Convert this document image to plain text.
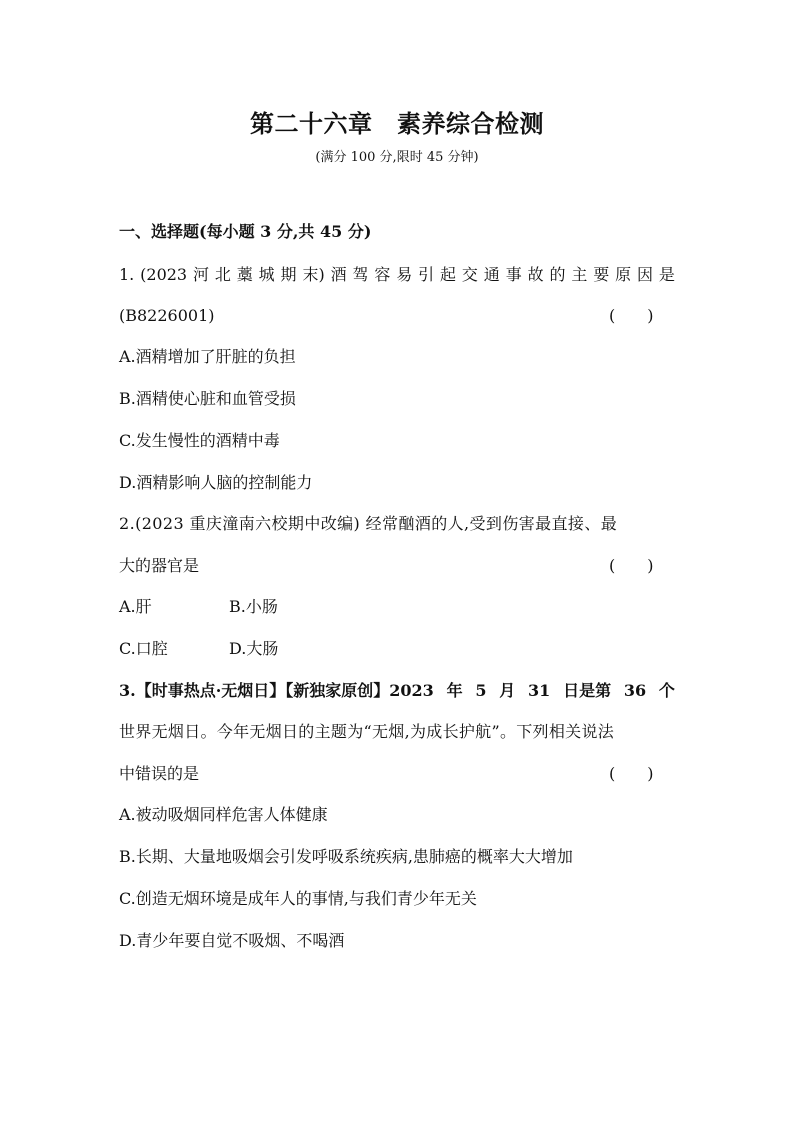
第二十六章　素养综合检测
(满分 100 分,限时 45 分钟)
一、选择题(每小题 3 分,共 45 分)
1. (2023 河 北 藁 城 期 末) 酒 驾 容 易 引 起 交 通 事 故 的 主 要 原 因 是
(B8226001)	(　　)
A.酒精增加了肝脏的负担
B.酒精使心脏和血管受损
C.发生慢性的酒精中毒
D.酒精影响人脑的控制能力
2.(2023 重庆潼南六校期中改编) 经常酗酒的人,受到伤害最直接、最
大的器官是	(　　)
A.肝	B.小肠
C.口腔	D.大肠
3.【时事热点·无烟日】【新独家原创】2023 年 5 月 31 日是第 36 个
世界无烟日。今年无烟日的主题为“无烟,为成长护航”。下列相关说法
中错误的是	(　　)
A.被动吸烟同样危害人体健康
B.长期、大量地吸烟会引发呼吸系统疾病,患肺癌的概率大大增加
C.创造无烟环境是成年人的事情,与我们青少年无关
D.青少年要自觉不吸烟、不喝酒
